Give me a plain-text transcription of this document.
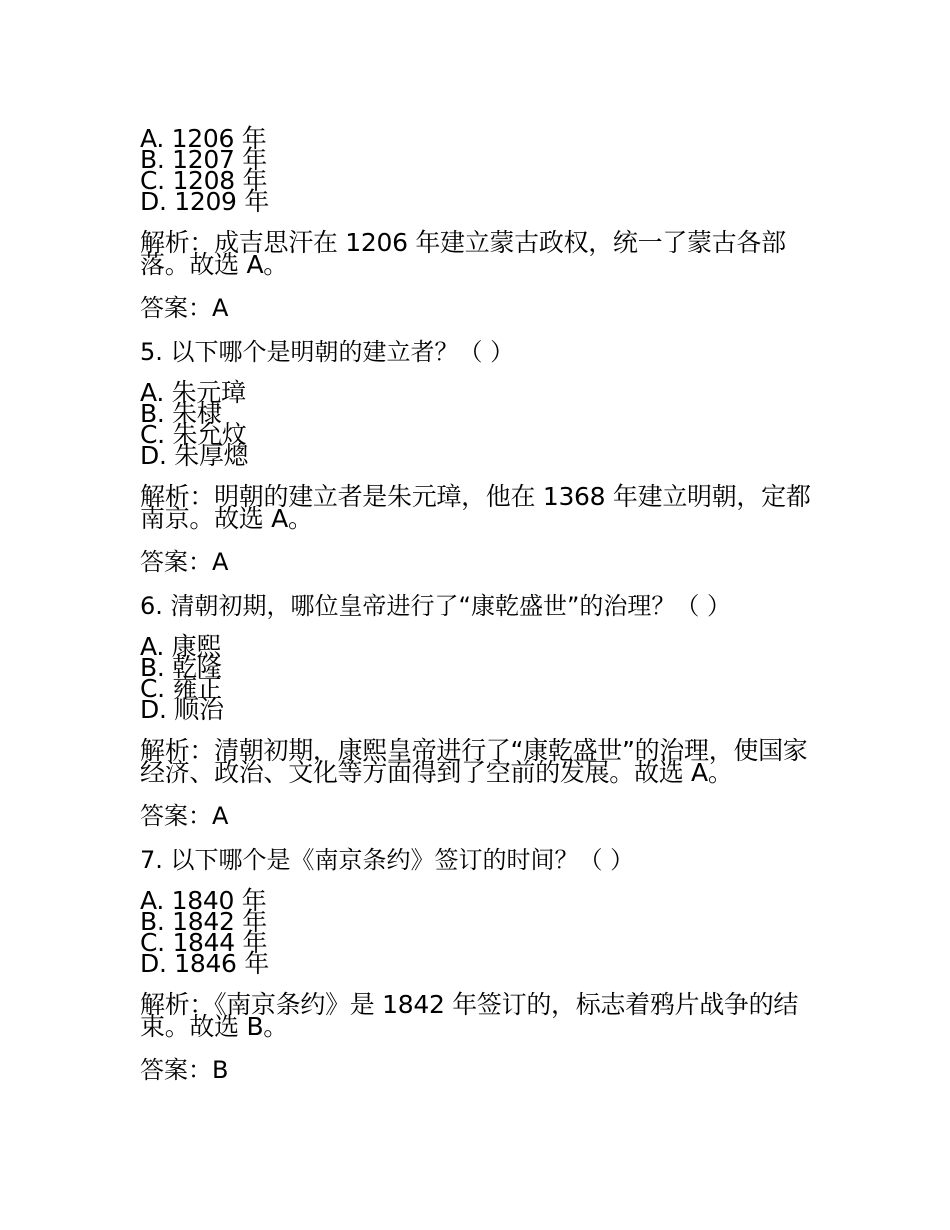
A. 1206 年
B. 1207 年
C. 1208 年
D. 1209 年
解析：成吉思汗在 1206 年建立蒙古政权，统一了蒙古各部落。故选 A。
答案：A
5. 以下哪个是明朝的建立者？（ ）
A. 朱元璋
B. 朱棣
C. 朱允炆
D. 朱厚熜
解析：明朝的建立者是朱元璋，他在 1368 年建立明朝，定都南京。故选 A。
答案：A
6. 清朝初期，哪位皇帝进行了“康乾盛世”的治理？（ ）
A. 康熙
B. 乾隆
C. 雍正
D. 顺治
解析：清朝初期，康熙皇帝进行了“康乾盛世”的治理，使国家经济、政治、文化等方面得到了空前的发展。故选 A。
答案：A
7. 以下哪个是《南京条约》签订的时间？（ ）
A. 1840 年
B. 1842 年
C. 1844 年
D. 1846 年
解析：《南京条约》是 1842 年签订的，标志着鸦片战争的结束。故选 B。
答案：B
